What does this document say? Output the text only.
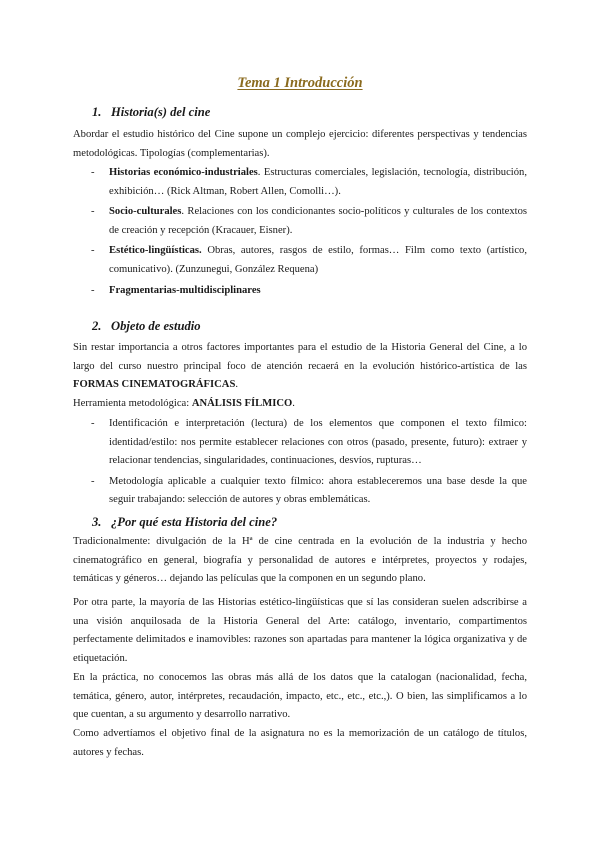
Tema 1 Introducción
1. Historia(s) del cine

Abordar el estudio histórico del Cine supone un complejo ejercicio: diferentes perspectivas y tendencias metodológicas. Tipologías (complementarias).

- Historias económico-industriales. Estructuras comerciales, legislación, tecnología, distribución, exhibición… (Rick Altman, Robert Allen, Comolli…).
- Socio-culturales. Relaciones con los condicionantes socio-políticos y culturales de los contextos de creación y recepción (Kracauer, Eisner).
- Estético-lingüísticas. Obras, autores, rasgos de estilo, formas… Film como texto (artístico, comunicativo). (Zunzunegui, González Requena)
- Fragmentarias-multidisciplinares
2. Objeto de estudio

Sin restar importancia a otros factores importantes para el estudio de la Historia General del Cine, a lo largo del curso nuestro principal foco de atención recaerá en la evolución histórico-artística de las FORMAS CINEMATOGRÁFICAS.

Herramienta metodológica: ANÁLISIS FÍLMICO.

- Identificación e interpretación (lectura) de los elementos que componen el texto fílmico: identidad/estilo: nos permite establecer relaciones con otros (pasado, presente, futuro): extraer y relacionar tendencias, singularidades, continuaciones, desvíos, rupturas…
- Metodología aplicable a cualquier texto fílmico: ahora estableceremos una base desde la que seguir trabajando: selección de autores y obras emblemáticas.
3. ¿Por qué esta Historia del cine?

Tradicionalmente: divulgación de la Hª de cine centrada en la evolución de la industria y hecho cinematográfico en general, biografía y personalidad de autores e intérpretes, proyectos y rodajes, temáticas y géneros… dejando las películas que la componen en un segundo plano.

Por otra parte, la mayoría de las Historias estético-lingüísticas que sí las consideran suelen adscribirse a una visión anquilosada de la Historia General del Arte: catálogo, inventario, compartimentos perfectamente delimitados e inamovibles: razones son apartadas para mantener la lógica organizativa y de etiquetación.

En la práctica, no conocemos las obras más allá de los datos que la catalogan (nacionalidad, fecha, temática, género, autor, intérpretes, recaudación, impacto, etc., etc., etc.,). O bien, las simplificamos a lo que cuentan, a su argumento y desarrollo narrativo.

Como advertíamos el objetivo final de la asignatura no es la memorización de un catálogo de títulos, autores y fechas.
